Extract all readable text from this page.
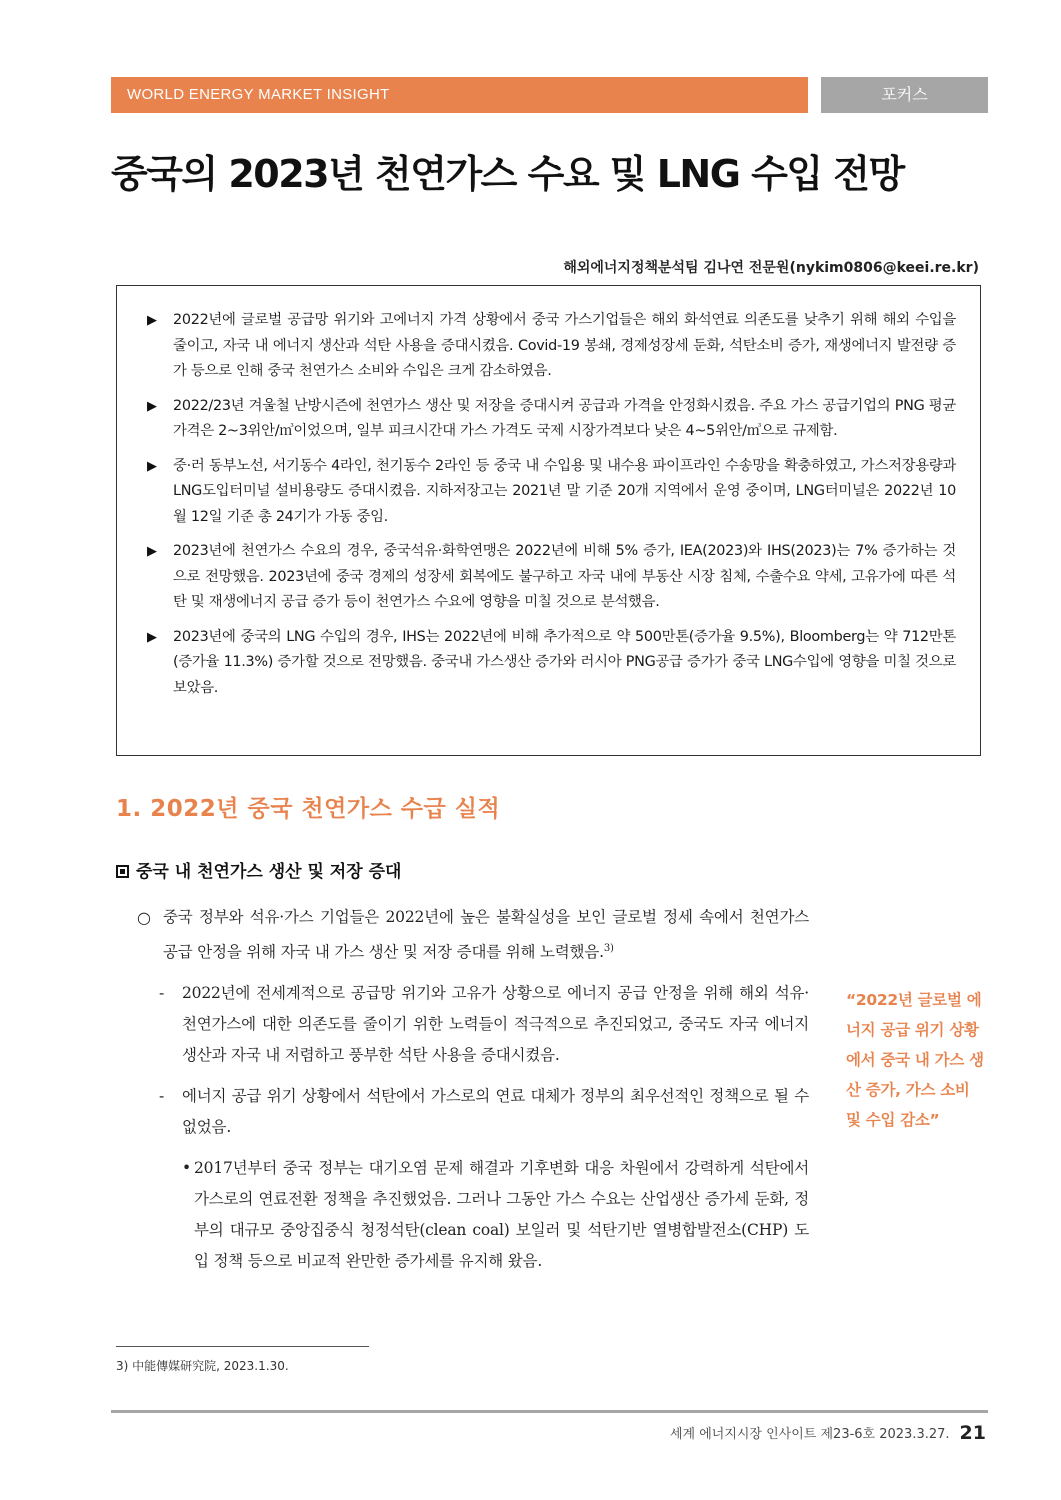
WORLD ENERGY MARKET INSIGHT	포커스
중국의 2023년 천연가스 수요 및 LNG 수입 전망
해외에너지정책분석팀 김나연 전문원(nykim0806@keei.re.kr)
▶	2022년에 글로벌 공급망 위기와 고에너지 가격 상황에서 중국 가스기업들은 해외 화석연료 의존도를 낮추기 위해 해외 수입을 줄이고, 자국 내 에너지 생산과 석탄 사용을 증대시켰음. Covid-19 봉쇄, 경제성장세 둔화, 석탄소비 증가, 재생에너지 발전량 증가 등으로 인해 중국 천연가스 소비와 수입은 크게 감소하였음.
▶	2022/23년 겨울철 난방시즌에 천연가스 생산 및 저장을 증대시켜 공급과 가격을 안정화시켰음. 주요 가스 공급기업의 PNG 평균 가격은 2~3위안/㎥이었으며, 일부 피크시간대 가스 가격도 국제 시장가격보다 낮은 4~5위안/㎥으로 규제함.
▶	중·러 동부노선, 서기동수 4라인, 천기동수 2라인 등 중국 내 수입용 및 내수용 파이프라인 수송망을 확충하였고, 가스저장용량과 LNG도입터미널 설비용량도 증대시켰음. 지하저장고는 2021년 말 기준 20개 지역에서 운영 중이며, LNG터미널은 2022년 10월 12일 기준 총 24기가 가동 중임.
▶	2023년에 천연가스 수요의 경우, 중국석유·화학연맹은 2022년에 비해 5% 증가, IEA(2023)와 IHS(2023)는 7% 증가하는 것으로 전망했음. 2023년에 중국 경제의 성장세 회복에도 불구하고 자국 내에 부동산 시장 침체, 수출수요 약세, 고유가에 따른 석탄 및 재생에너지 공급 증가 등이 천연가스 수요에 영향을 미칠 것으로 분석했음.
▶	2023년에 중국의 LNG 수입의 경우, IHS는 2022년에 비해 추가적으로 약 500만톤(증가율 9.5%), Bloomberg는 약 712만톤(증가율 11.3%) 증가할 것으로 전망했음. 중국내 가스생산 증가와 러시아 PNG공급 증가가 중국 LNG수입에 영향을 미칠 것으로 보았음.
1. 2022년 중국 천연가스 수급 실적
중국 내 천연가스 생산 및 저장 증대
○ 중국 정부와 석유·가스 기업들은 2022년에 높은 불확실성을 보인 글로벌 정세 속에서 천연가스 공급 안정을 위해 자국 내 가스 생산 및 저장 증대를 위해 노력했음.$^{3)}$
-	2022년에 전세계적으로 공급망 위기와 고유가 상황으로 에너지 공급 안정을 위해 해외 석유·천연가스에 대한 의존도를 줄이기 위한 노력들이 적극적으로 추진되었고, 중국도 자국 에너지 생산과 자국 내 저렴하고 풍부한 석탄 사용을 증대시켰음.
-	에너지 공급 위기 상황에서 석탄에서 가스로의 연료 대체가 정부의 최우선적인 정책으로 될 수 없었음.
• 2017년부터 중국 정부는 대기오염 문제 해결과 기후변화 대응 차원에서 강력하게 석탄에서 가스로의 연료전환 정책을 추진했었음. 그러나 그동안 가스 수요는 산업생산 증가세 둔화, 정부의 대규모 중앙집중식 청정석탄(clean coal) 보일러 및 석탄기반 열병합발전소(CHP) 도입 정책 등으로 비교적 완만한 증가세를 유지해 왔음.
“2022년 글로벌 에너지 공급 위기 상황에서 중국 내 가스 생산 증가, 가스 소비 및 수입 감소”
3) 中能傳媒研究院, 2023.1.30.
세계 에너지시장 인사이트 제23-6호 2023.3.27. 21
